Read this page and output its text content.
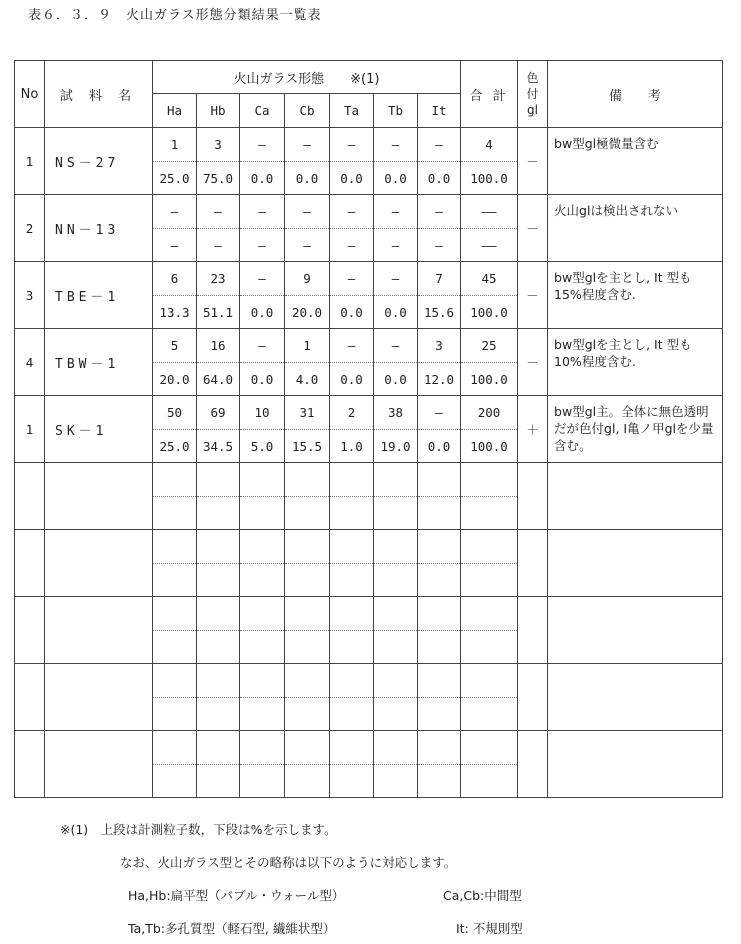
表６．３．９　火山ガラス形態分類結果一覧表
No	試 料 名	火山ガラス形態　　※(1)							合 計	色付gl	備　　考
		Ha	Hb	Ca	Cb	Ta	Tb	It			
1	NS－27	1	3	—	—	—	—	—	4	－	bw型gl極微量含む
		25.0	75.0	0.0	0.0	0.0	0.0	0.0	100.0		
2	NN－13	—	—	—	—	—	—	—	——	－	火山glは検出されない
		—	—	—	—	—	—	—	——		
3	TBE－1	6	23	—	9	—	—	7	45	－	bw型glを主とし, It 型も15%程度含む.
		13.3	51.1	0.0	20.0	0.0	0.0	15.6	100.0		
4	TBW－1	5	16	—	1	—	—	3	25	－	bw型glを主とし, It 型も10%程度含む.
		20.0	64.0	0.0	4.0	0.0	0.0	12.0	100.0		
1	SK－1	50	69	10	31	2	38	—	200	＋	bw型gl主。全体に無色透明だが色付gl, I亀ノ甲glを少量含む。
		25.0	34.5	5.0	15.5	1.0	19.0	0.0	100.0		

※(1)　上段は計測粒子数，下段は%を示します。
なお、火山ガラス型とその略称は以下のように対応します。
Ha,Hb:扁平型（バブル・ウォール型）	Ca,Cb:中間型
Ta,Tb:多孔質型（軽石型, 繊維状型）	It: 不規則型
